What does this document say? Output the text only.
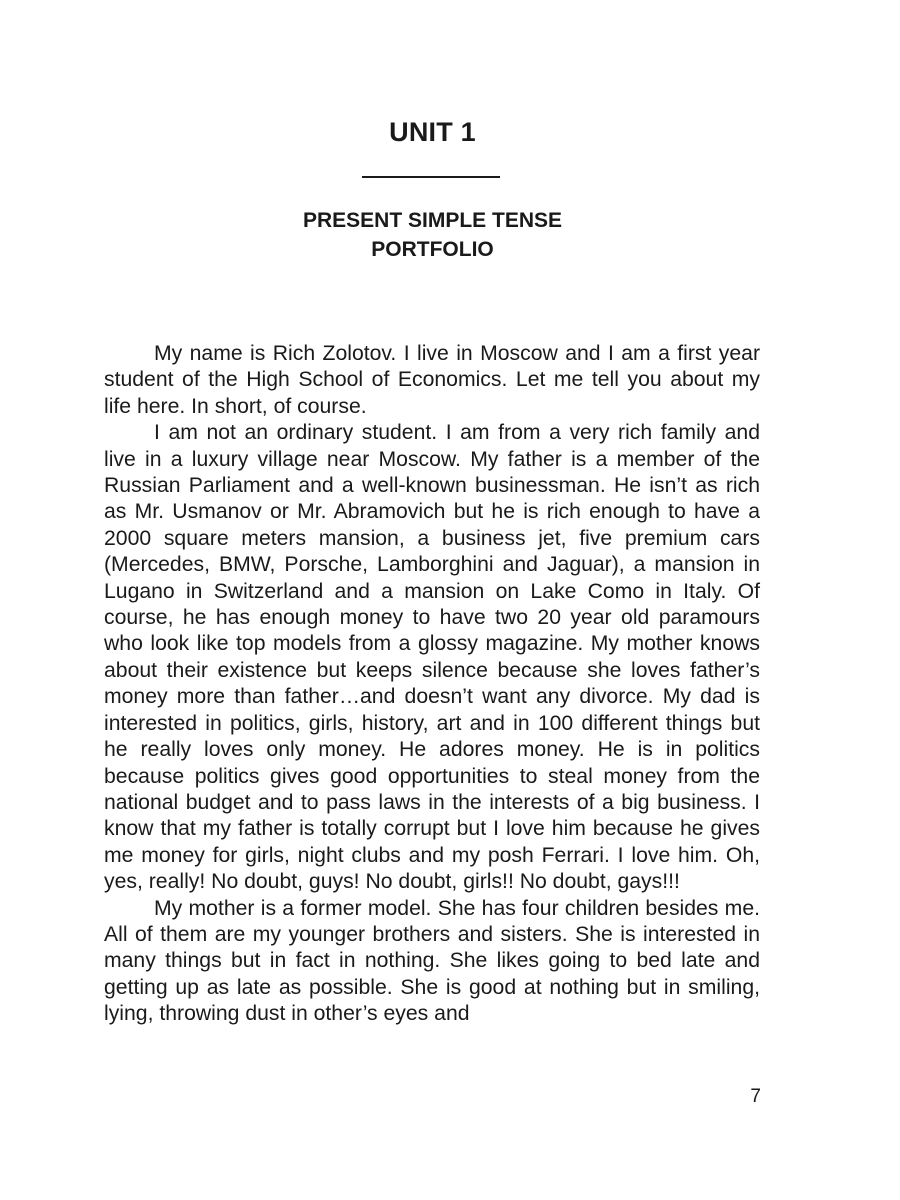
UNIT 1
PRESENT SIMPLE TENSE
PORTFOLIO

My name is Rich Zolotov. I live in Moscow and I am a first year student of the High School of Economics. Let me tell you about my life here. In short, of course.

I am not an ordinary student. I am from a very rich family and live in a luxury village near Moscow. My father is a member of the Russian Parliament and a well-known businessman. He isn’t as rich as Mr. Usmanov or Mr. Abramovich but he is rich enough to have a 2000 square meters mansion, a business jet, five premium cars (Mercedes, BMW, Porsche, Lamborghini and Jaguar), a mansion in Lugano in Switzerland and a mansion on Lake Como in Italy. Of course, he has enough money to have two 20 year old paramours who look like top models from a glossy magazine. My mother knows about their existence but keeps silence because she loves father’s money more than father…and doesn’t want any divorce. My dad is interested in politics, girls, history, art and in 100 different things but he really loves only money. He adores money. He is in politics because politics gives good opportunities to steal money from the national budget and to pass laws in the interests of a big business. I know that my father is totally corrupt but I love him because he gives me money for girls, night clubs and my posh Ferrari. I love him. Oh, yes, really! No doubt, guys! No doubt, girls!! No doubt, gays!!!

My mother is a former model. She has four children besides me. All of them are my younger brothers and sisters. She is interested in many things but in fact in nothing. She likes going to bed late and getting up as late as possible. She is good at nothing but in smiling, lying, throwing dust in other’s eyes and

7
